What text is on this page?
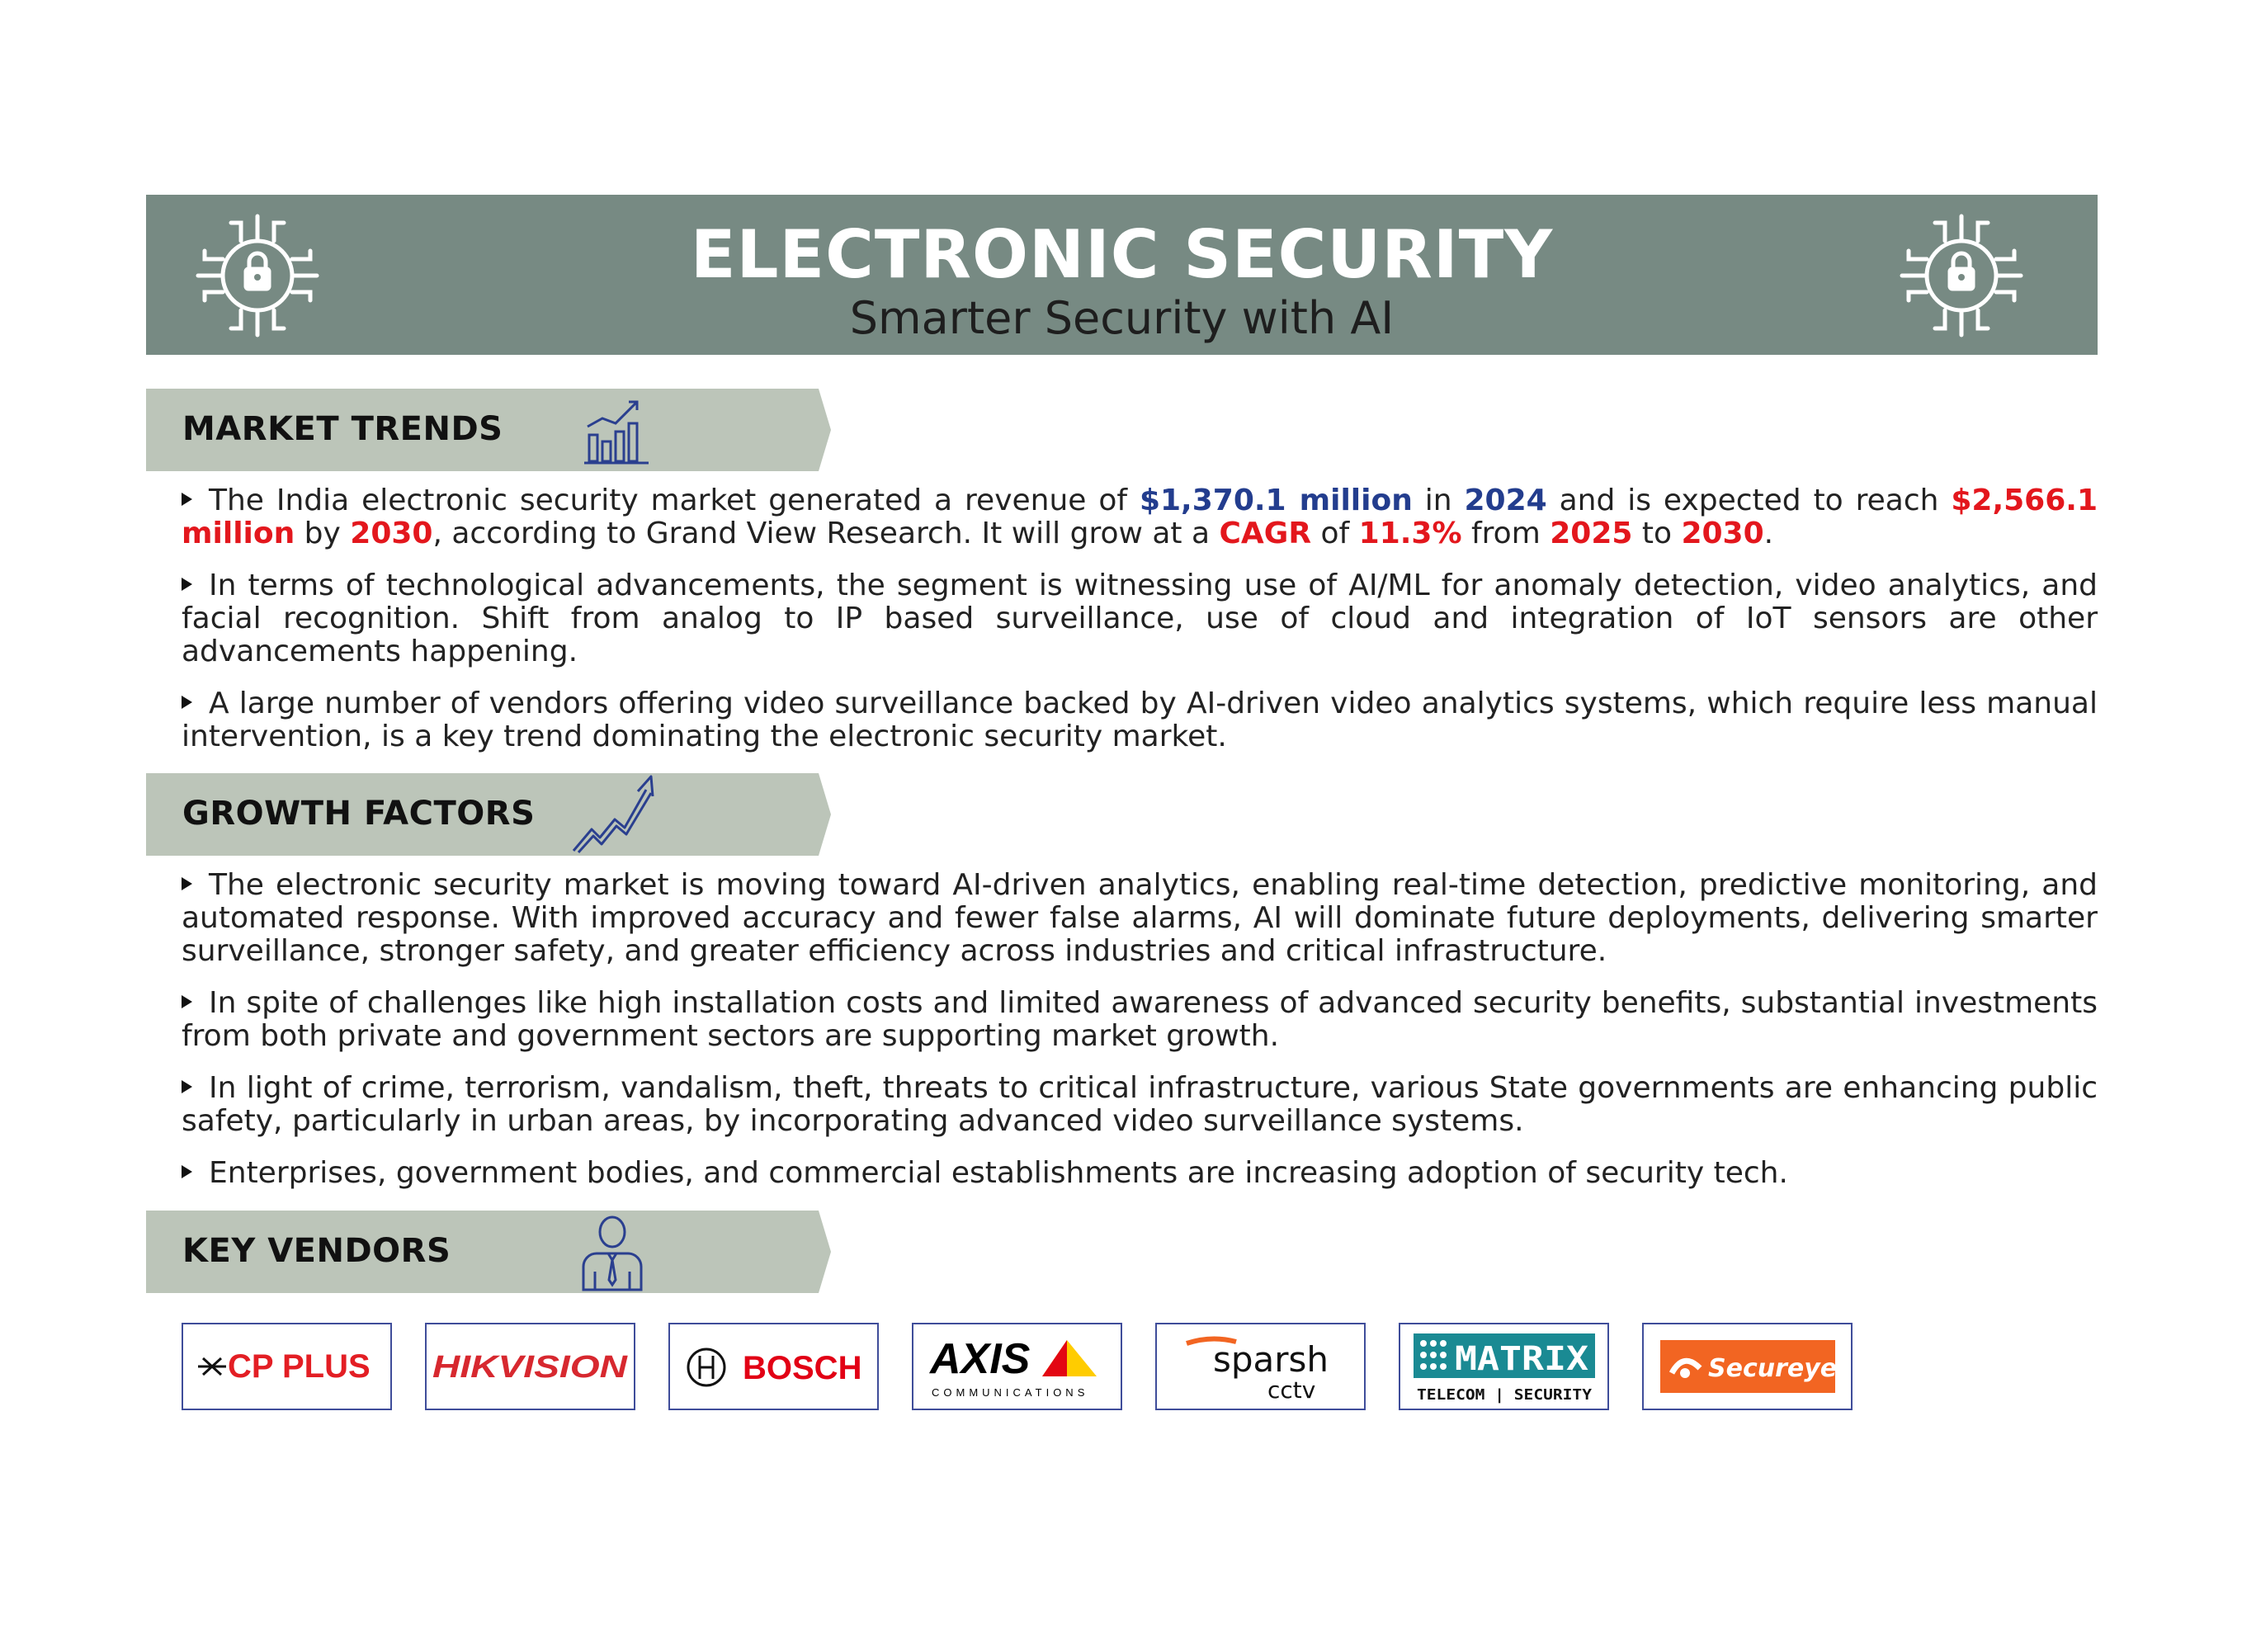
ELECTRONIC SECURITY
Smarter Security with AI
MARKET TRENDS
The India electronic security market generated a revenue of $1,370.1 million in 2024 and is expected to reach $2,566.1 million by 2030, according to Grand View Research. It will grow at a CAGR of 11.3% from 2025 to 2030.
In terms of technological advancements, the segment is witnessing use of AI/ML for anomaly detection, video analytics, and facial recognition. Shift from analog to IP based surveillance, use of cloud and integration of IoT sensors are other advancements happening.
A large number of vendors offering video surveillance backed by AI-driven video analytics systems, which require less manual intervention, is a key trend dominating the electronic security market.
GROWTH FACTORS
The electronic security market is moving toward AI-driven analytics, enabling real-time detection, predictive monitoring, and automated response. With improved accuracy and fewer false alarms, AI will dominate future deployments, delivering smarter surveillance, stronger safety, and greater efficiency across industries and critical infrastructure.
In spite of challenges like high installation costs and limited awareness of advanced security benefits, substantial investments from both private and government sectors are supporting market growth.
In light of crime, terrorism, vandalism, theft, threats to critical infrastructure, various State governments are enhancing public safety, particularly in urban areas, by incorporating advanced video surveillance systems.
Enterprises, government bodies, and commercial establishments are increasing adoption of security tech.
KEY VENDORS
CP PLUS HIKVISION	BOSCH AXIS
COMMUNICATIONS
sparsh
cctv
MATRIX
TELECOM | SECURITY
Secureye
